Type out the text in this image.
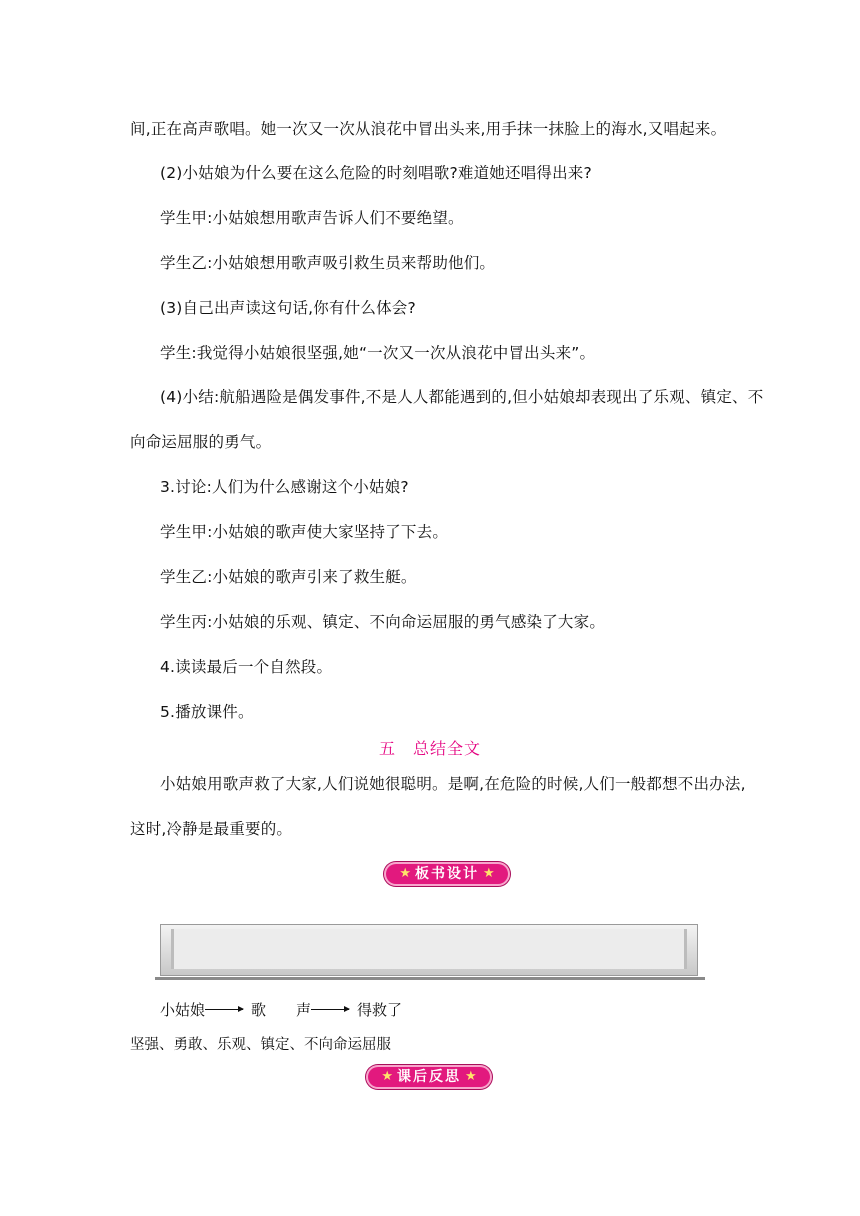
间,正在高声歌唱。她一次又一次从浪花中冒出头来,用手抹一抹脸上的海水,又唱起来。
(2)小姑娘为什么要在这么危险的时刻唱歌?难道她还唱得出来?
学生甲:小姑娘想用歌声告诉人们不要绝望。
学生乙:小姑娘想用歌声吸引救生员来帮助他们。
(3)自己出声读这句话,你有什么体会?
学生:我觉得小姑娘很坚强,她“一次又一次从浪花中冒出头来”。
(4)小结:航船遇险是偶发事件,不是人人都能遇到的,但小姑娘却表现出了乐观、镇定、不
向命运屈服的勇气。
3.讨论:人们为什么感谢这个小姑娘?
学生甲:小姑娘的歌声使大家坚持了下去。
学生乙:小姑娘的歌声引来了救生艇。
学生丙:小姑娘的乐观、镇定、不向命运屈服的勇气感染了大家。
4.读读最后一个自然段。
5.播放课件。
五　总结全文
小姑娘用歌声救了大家,人们说她很聪明。是啊,在危险的时候,人们一般都想不出办法,
这时,冷静是最重要的。
★ 板书设计 ★
小姑娘	歌 声	得救了
坚强、勇敢、乐观、镇定、不向命运屈服
★ 课后反思 ★
